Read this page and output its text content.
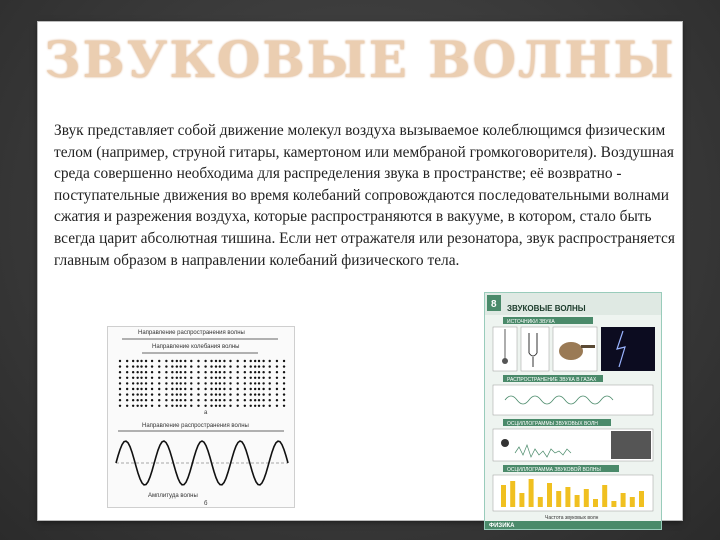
ЗВУКОВЫЕ ВОЛНЫ
Звук представляет собой движение молекул воздуха вызываемое колеблющимся физическим телом (например, струной гитары, камертоном или мембраной громкоговорителя). Воздушная среда совершенно необходима для распределения звука в пространстве; её возвратно - поступательные движения во время колебаний сопровождаются последовательными волнами сжатия и разрежения воздуха, которые распространяются в вакууме, в котором, стало быть всегда царит абсолютная тишина. Если нет отражателя или резонатора, звук распространяется главным образом в направлении колебаний физического тела.
Направление распространения волны
Направление колебания волны
а
Направление распространения волны
Амплитуда волны
б
8 ЗВУКОВЫЕ ВОЛНЫ
ИСТОЧНИКИ ЗВУКА
РАСПРОСТРАНЕНИЕ ЗВУКА В ГАЗАХ
ОСЦИЛЛОГРАММЫ ЗВУКОВЫХ ВОЛН
ОСЦИЛЛОГРАММА ЗВУКОВОЙ ВОЛНЫ
Частота звуковых волн
ФИЗИКА
